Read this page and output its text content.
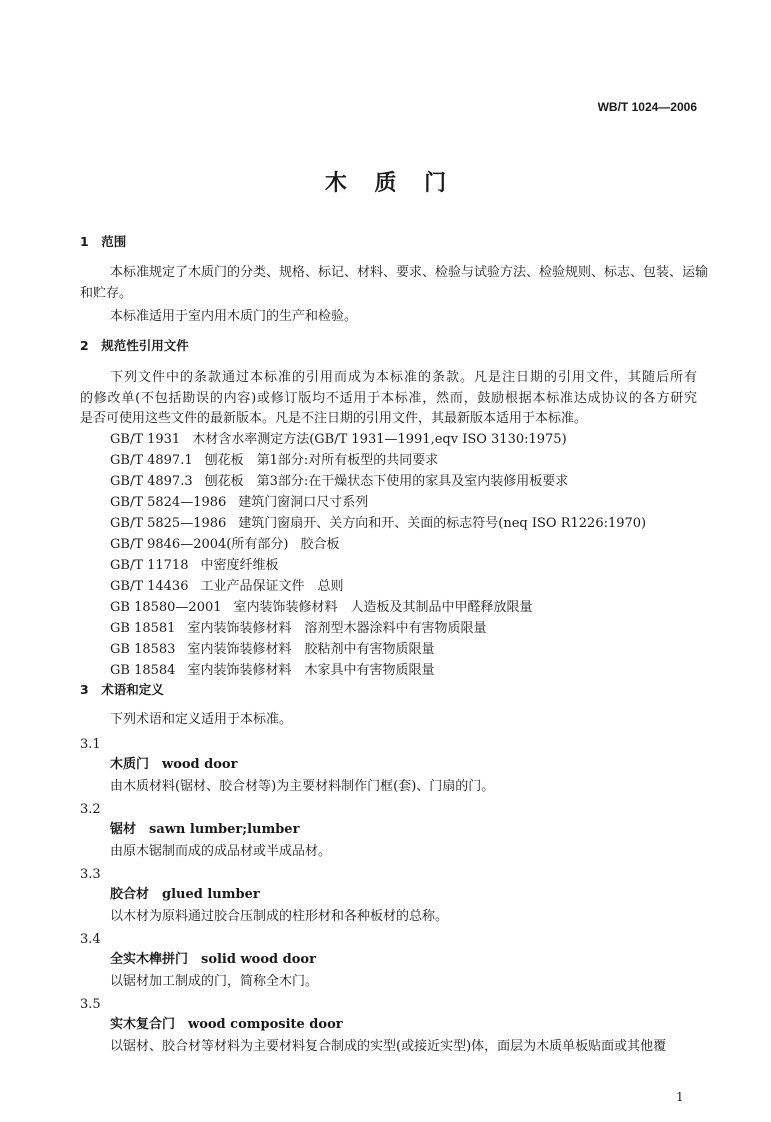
WB/T 1024—2006
木 质 门
1　范围
本标准规定了木质门的分类、规格、标记、材料、要求、检验与试验方法、检验规则、标志、包装、运输
和贮存。
本标准适用于室内用木质门的生产和检验。
2　规范性引用文件
下列文件中的条款通过本标准的引用而成为本标准的条款。凡是注日期的引用文件，其随后所有
的修改单(不包括勘误的内容)或修订版均不适用于本标准，然而，鼓励根据本标准达成协议的各方研究
是否可使用这些文件的最新版本。凡是不注日期的引用文件，其最新版本适用于本标准。
GB/T 1931 木材含水率测定方法(GB/T 1931—1991,eqv ISO 3130:1975)
GB/T 4897.1 刨花板　第1部分:对所有板型的共同要求
GB/T 4897.3 刨花板　第3部分:在干燥状态下使用的家具及室内装修用板要求
GB/T 5824—1986 建筑门窗洞口尺寸系列
GB/T 5825—1986 建筑门窗扇开、关方向和开、关面的标志符号(neq ISO R1226:1970)
GB/T 9846—2004(所有部分) 胶合板
GB/T 11718 中密度纤维板
GB/T 14436 工业产品保证文件　总则
GB 18580—2001 室内装饰装修材料　人造板及其制品中甲醛释放限量
GB 18581 室内装饰装修材料　溶剂型木器涂料中有害物质限量
GB 18583 室内装饰装修材料　胶粘剂中有害物质限量
GB 18584 室内装饰装修材料　木家具中有害物质限量
3　术语和定义
下列术语和定义适用于本标准。
3.1
木质门　wood door
由木质材料(锯材、胶合材等)为主要材料制作门框(套)、门扇的门。
3.2
锯材　sawn lumber;lumber
由原木锯制而成的成品材或半成品材。
3.3
胶合材　glued lumber
以木材为原料通过胶合压制成的柱形材和各种板材的总称。
3.4
全实木榫拼门　solid wood door
以锯材加工制成的门，简称全木门。
3.5
实木复合门　wood composite door
以锯材、胶合材等材料为主要材料复合制成的实型(或接近实型)体，面层为木质单板贴面或其他覆
1
